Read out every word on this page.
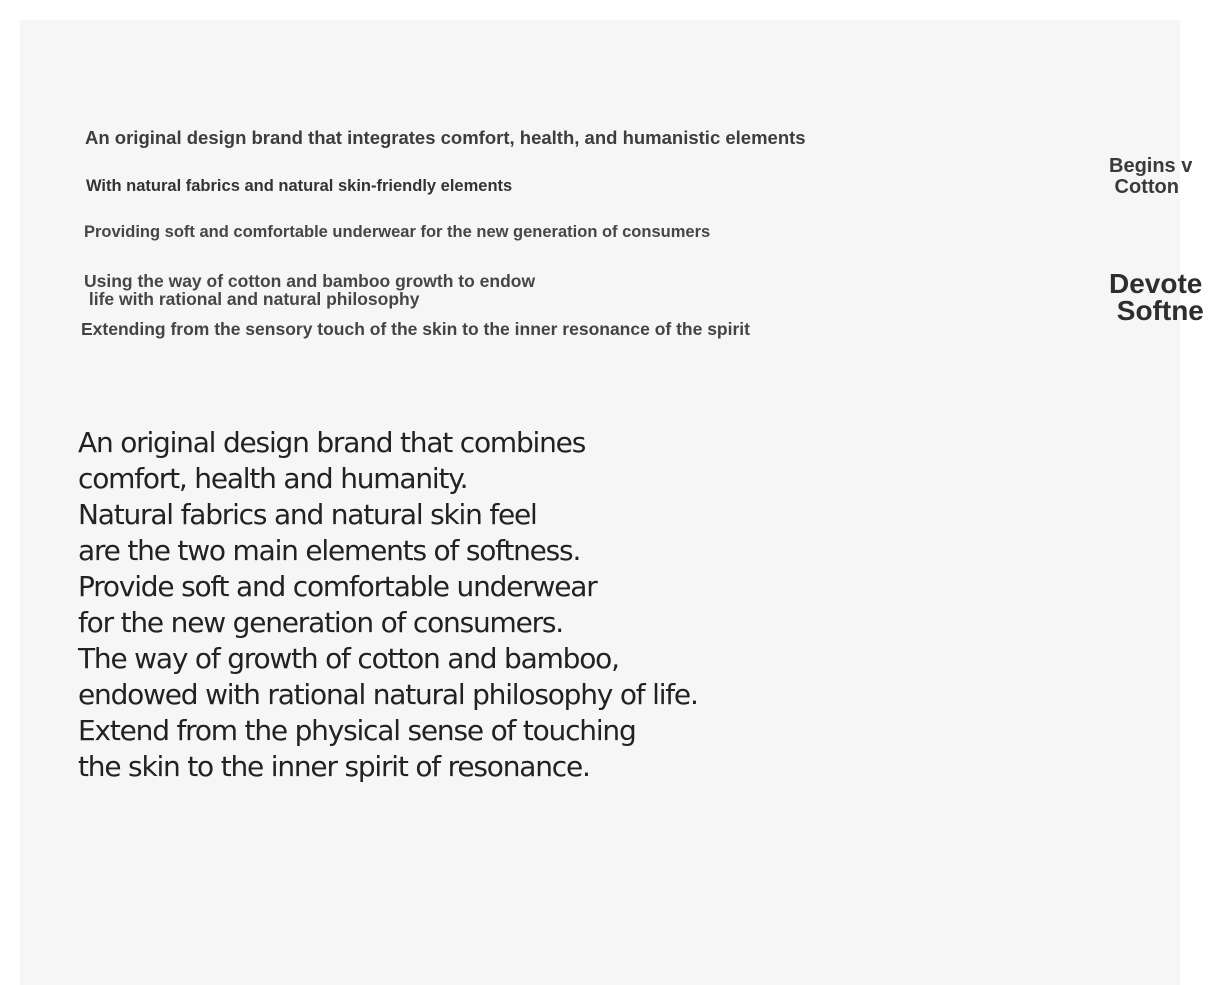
An original design brand that integrates comfort, health, and humanistic elements

With natural fabrics and natural skin-friendly elements

Providing soft and comfortable underwear for the new generation of consumers

Using the way of cotton and bamboo growth to endow
life with rational and natural philosophy

Extending from the sensory touch of the skin to the inner resonance of the spirit

An original design brand that combines
comfort, health and humanity.
Natural fabrics and natural skin feel
are the two main elements of softness.
Provide soft and comfortable underwear
for the new generation of consumers.
The way of growth of cotton and bamboo,
endowed with rational natural philosophy of life.
Extend from the physical sense of touching
the skin to the inner spirit of resonance.

Begins v
Cotton

Devote
Softne
